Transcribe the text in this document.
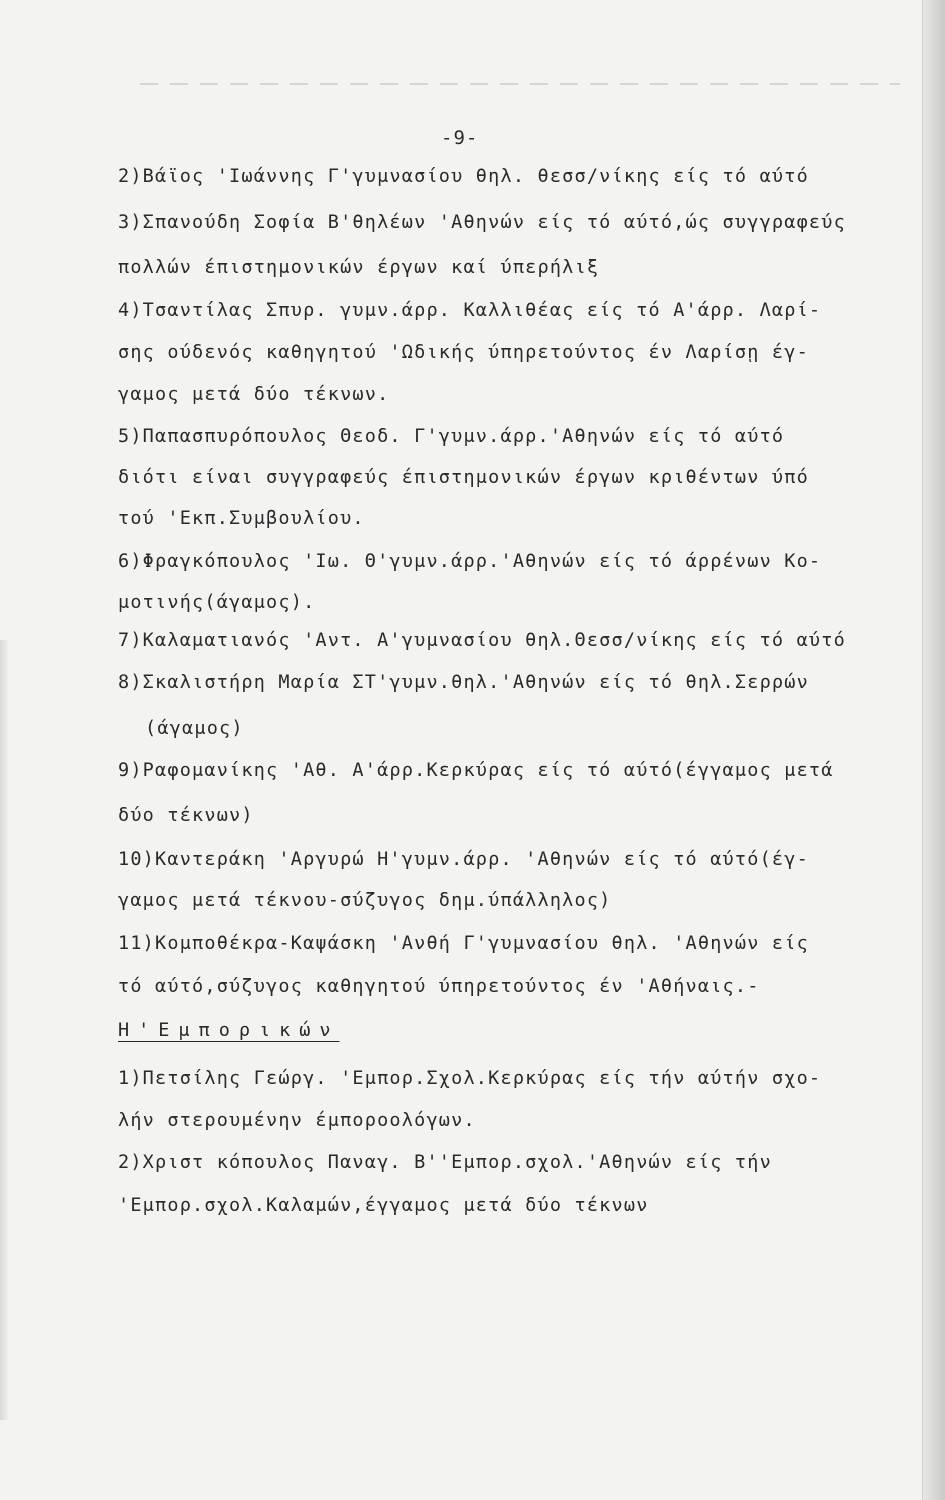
-9-
2)Βάϊος 'Ιωάννης Γ'γυμνασίου θηλ. θεσσ/νίκης είς τό αύτό
3)Σπανούδη Σοφία Β'θηλέων 'Αθηνών είς τό αύτό,ώς συγγραφεύς
πολλών έπιστημονικών έργων καί ύπερήλιξ
4)Τσαντίλας Σπυρ. γυμν.άρρ. Καλλιθέας είς τό Α'άρρ. Λαρί-
σης ούδενός καθηγητού 'Ωδικής ύπηρετούντος έν Λαρίσῃ έγ-
γαμος μετά δύο τέκνων.
5)Παπασπυρόπουλος Θεοδ. Γ'γυμν.άρρ.'Αθηνών είς τό αύτό
διότι είναι συγγραφεύς έπιστημονικών έργων κριθέντων ύπό
τού 'Εκπ.Συμβουλίου.
6)Φραγκόπουλος 'Ιω. Θ'γυμν.άρρ.'Αθηνών είς τό άρρένων Κο-
μοτινής(άγαμος).
7)Καλαματιανός 'Αντ. Α'γυμνασίου θηλ.Θεσσ/νίκης είς τό αύτό
8)Σκαλιστήρη Μαρία ΣΤ'γυμν.θηλ.'Αθηνών είς τό θηλ.Σερρών
(άγαμος)
9)Ραφομανίκης 'Αθ. Α'άρρ.Κερκύρας είς τό αύτό(έγγαμος μετά
δύο τέκνων)
10)Καντεράκη 'Αργυρώ Η'γυμν.άρρ. 'Αθηνών είς τό αύτό(έγ-
γαμος μετά τέκνου-σύζυγος δημ.ύπάλληλος)
11)Κομποθέκρα-Καψάσκη 'Ανθή Γ'γυμνασίου θηλ. 'Αθηνών είς
τό αύτό,σύζυγος καθηγητού ύπηρετούντος έν 'Αθήναις.-
Η'Εμπορικών
1)Πετσίλης Γεώργ. 'Εμπορ.Σχολ.Κερκύρας είς τήν αύτήν σχο-
λήν στερουμένην έμποροολόγων.
2)Χριστ κόπουλος Παναγ. Β''Εμπορ.σχολ.'Αθηνών είς τήν
'Εμπορ.σχολ.Καλαμών,έγγαμος μετά δύο τέκνων
